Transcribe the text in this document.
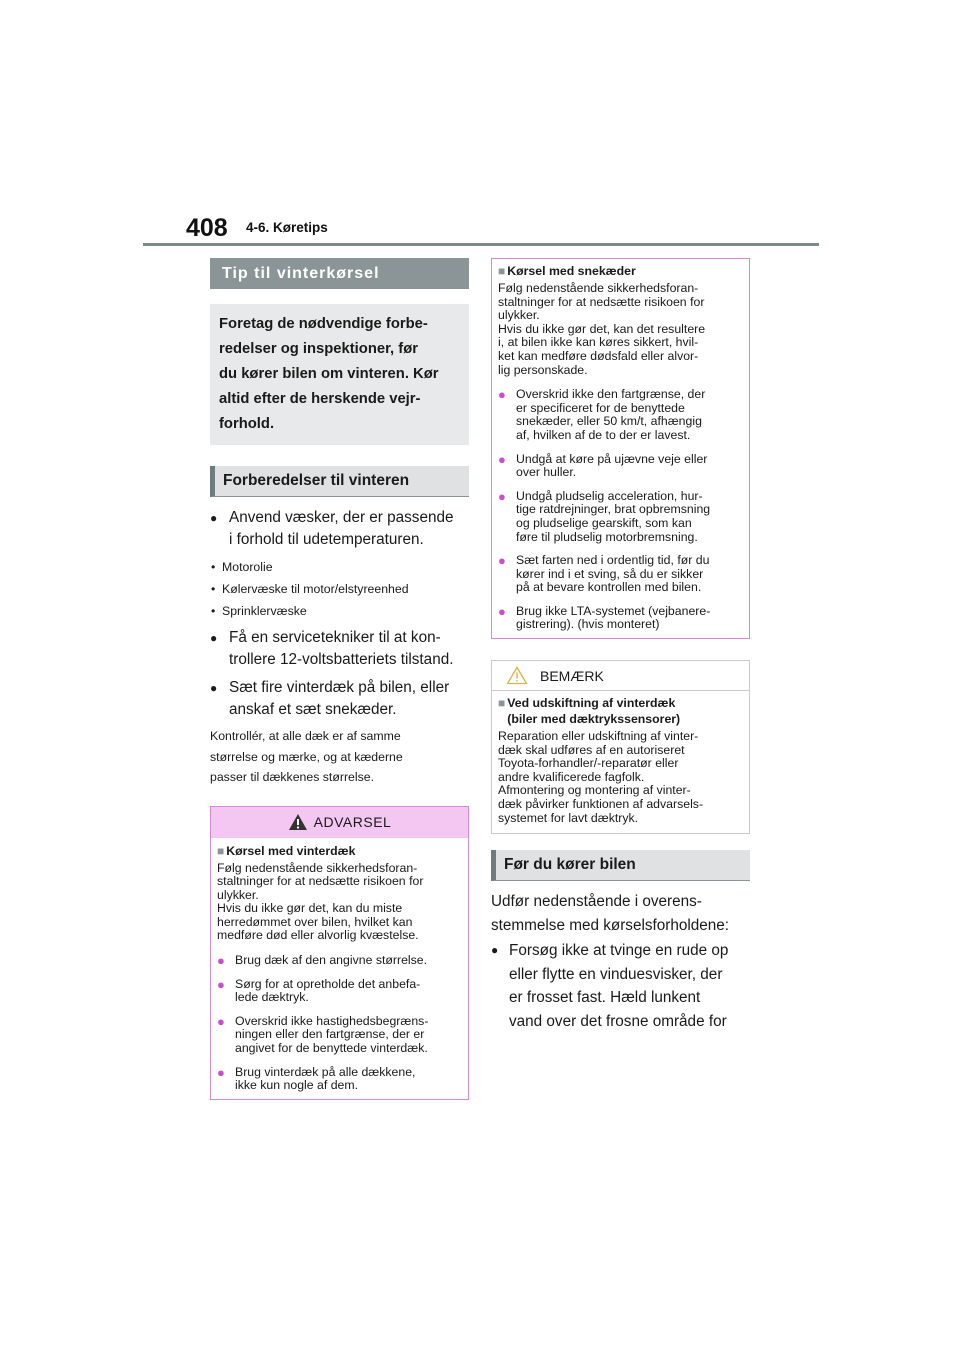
408 4-6. Køretips
Tip til vinterkørsel
Foretag de nødvendige forbe-
redelser og inspektioner, før
du kører bilen om vinteren. Kør
altid efter de herskende vejr-
forhold.
Forberedelser til vinteren
● Anvend væsker, der er passende
i forhold til udetemperaturen.
• Motorolie
• Kølervæske til motor/elstyreenhed
• Sprinklervæske
● Få en servicetekniker til at kon-
trollere 12-voltsbatteriets tilstand.
● Sæt fire vinterdæk på bilen, eller
anskaf et sæt snekæder.
Kontrollér, at alle dæk er af samme
størrelse og mærke, og at kæderne
passer til dækkenes størrelse.
ADVARSEL
■ Kørsel med vinterdæk
Følg nedenstående sikkerhedsforan-
staltninger for at nedsætte risikoen for
ulykker.
Hvis du ikke gør det, kan du miste
herredømmet over bilen, hvilket kan
medføre død eller alvorlig kvæstelse.
● Brug dæk af den angivne størrelse.
● Sørg for at opretholde det anbefa-
lede dæktryk.
● Overskrid ikke hastighedsbegræns-
ningen eller den fartgrænse, der er
angivet for de benyttede vinterdæk.
● Brug vinterdæk på alle dækkene,
ikke kun nogle af dem.
■ Kørsel med snekæder
Følg nedenstående sikkerhedsforan-
staltninger for at nedsætte risikoen for
ulykker.
Hvis du ikke gør det, kan det resultere
i, at bilen ikke kan køres sikkert, hvil-
ket kan medføre dødsfald eller alvor-
lig personskade.
● Overskrid ikke den fartgrænse, der
er specificeret for de benyttede
snekæder, eller 50 km/t, afhængig
af, hvilken af de to der er lavest.
● Undgå at køre på ujævne veje eller
over huller.
● Undgå pludselig acceleration, hur-
tige ratdrejninger, brat opbremsning
og pludselige gearskift, som kan
føre til pludselig motorbremsning.
● Sæt farten ned i ordentlig tid, før du
kører ind i et sving, så du er sikker
på at bevare kontrollen med bilen.
● Brug ikke LTA-systemet (vejbanere-
gistrering). (hvis monteret)
BEMÆRK
■ Ved udskiftning af vinterdæk
(biler med dæktrykssensorer)
Reparation eller udskiftning af vinter-
dæk skal udføres af en autoriseret
Toyota-forhandler/-reparatør eller
andre kvalificerede fagfolk.
Afmontering og montering af vinter-
dæk påvirker funktionen af advarsels-
systemet for lavt dæktryk.
Før du kører bilen
Udfør nedenstående i overens-
stemmelse med kørselsforholdene:
● Forsøg ikke at tvinge en rude op
eller flytte en vinduesvisker, der
er frosset fast. Hæld lunkent
vand over det frosne område for
